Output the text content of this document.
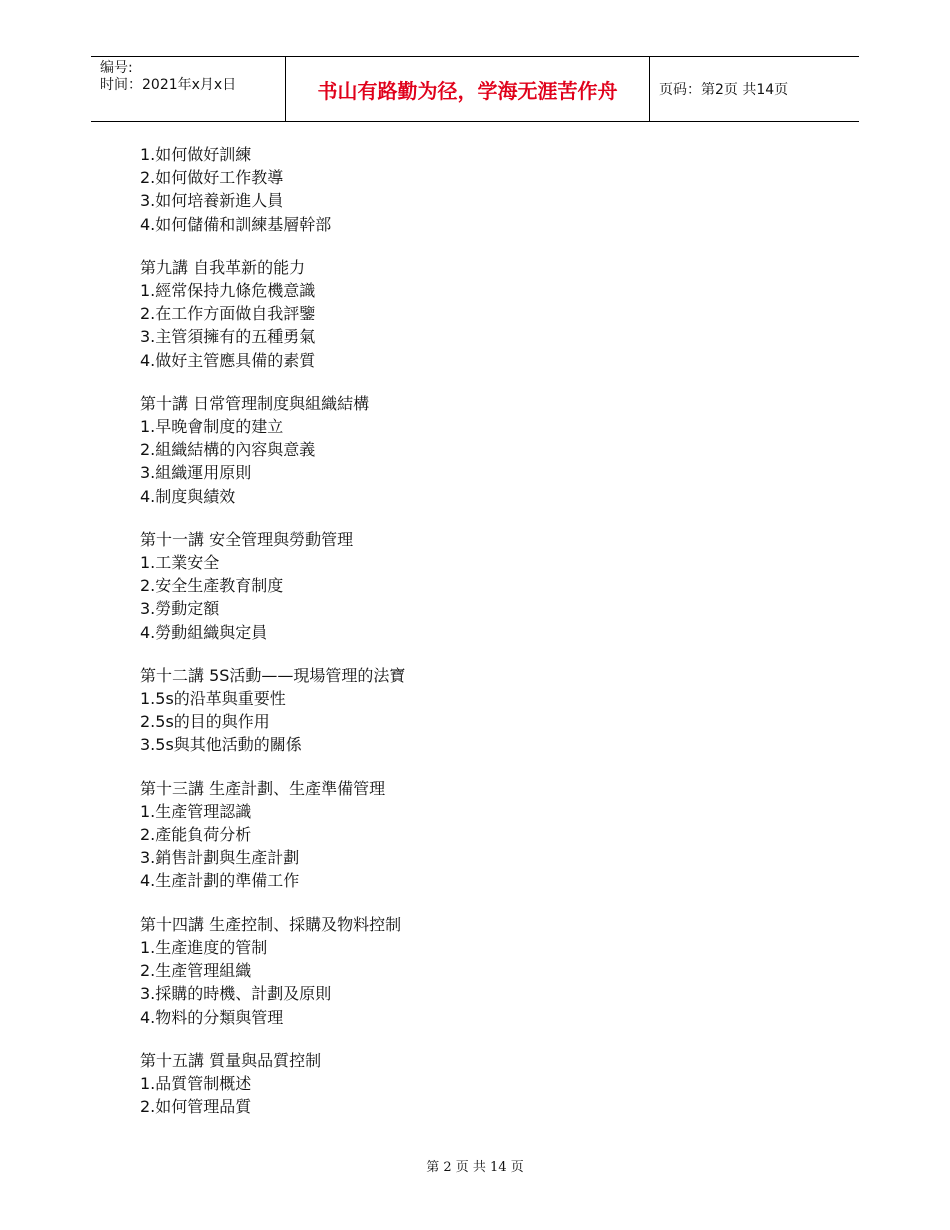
编号:
时间：2021年x月x日	书山有路勤为径，学海无涯苦作舟	页码：第2页 共14页
1.如何做好訓練
2.如何做好工作教導
3.如何培養新進人員
4.如何儲備和訓練基層幹部
第九講 自我革新的能力
1.經常保持九條危機意識
2.在工作方面做自我評鑒
3.主管須擁有的五種勇氣
4.做好主管應具備的素質
第十講 日常管理制度與組織結構
1.早晚會制度的建立
2.組織結構的內容與意義
3.組織運用原則
4.制度與績效
第十一講 安全管理與勞動管理
1.工業安全
2.安全生產教育制度
3.勞動定額
4.勞動組織與定員
第十二講 5S活動——現場管理的法寶
1.5s的沿革與重要性
2.5s的目的與作用
3.5s與其他活動的關係
第十三講 生產計劃、生產準備管理
1.生產管理認識
2.產能負荷分析
3.銷售計劃與生產計劃
4.生產計劃的準備工作
第十四講 生產控制、採購及物料控制
1.生產進度的管制
2.生產管理組織
3.採購的時機、計劃及原則
4.物料的分類與管理
第十五講 質量與品質控制
1.品質管制概述
2.如何管理品質
第 2 页 共 14 页
